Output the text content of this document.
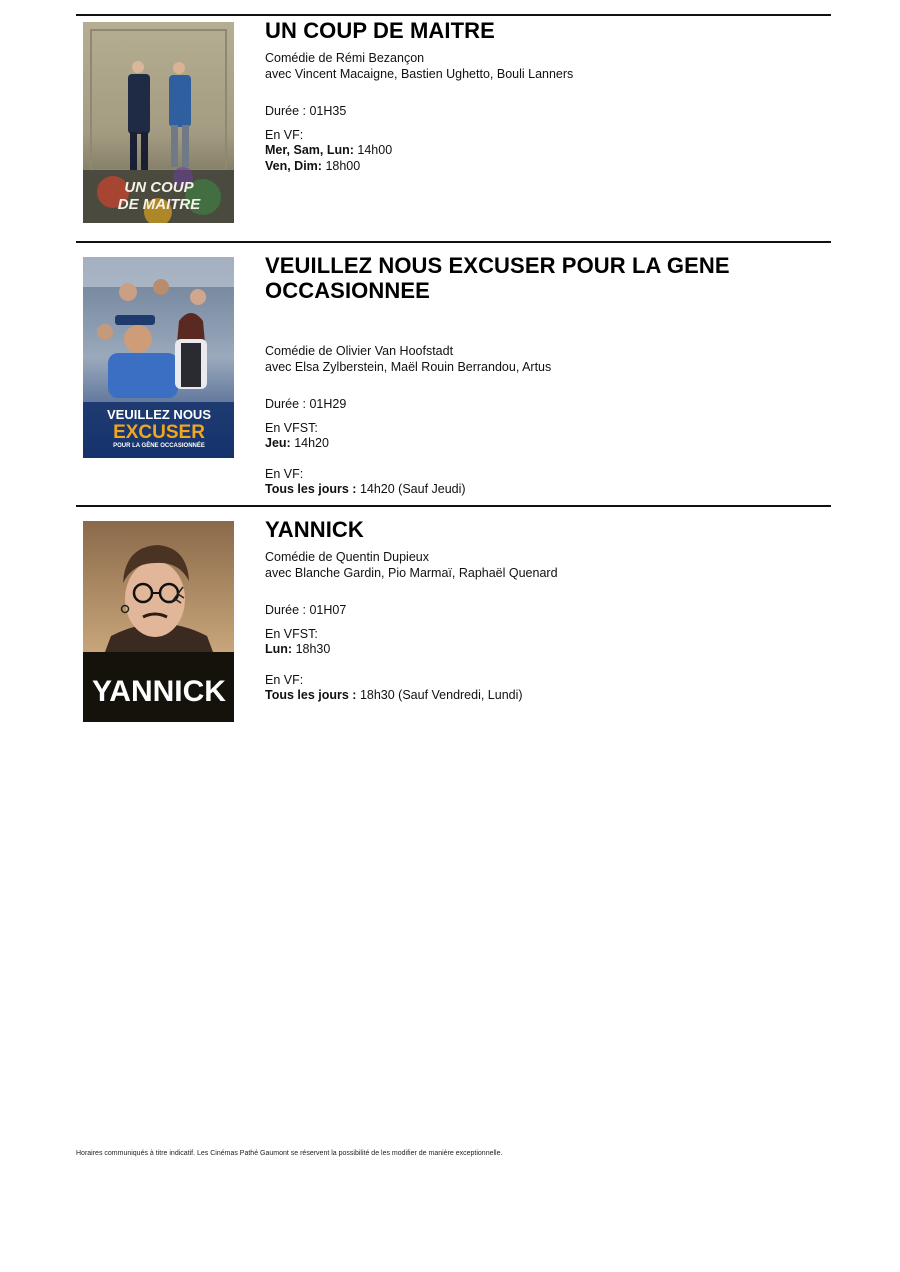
UN COUP
DE MAITRE
UN COUP DE MAITRE
Comédie de Rémi Bezançon
avec Vincent Macaigne, Bastien Ughetto, Bouli Lanners
Durée : 01H35
En VF:
Mer, Sam, Lun: 14h00
Ven, Dim: 18h00
VEUILLEZ NOUS
EXCUSER
POUR LA GÊNE OCCASIONNÉE
VEUILLEZ NOUS EXCUSER POUR LA GENE OCCASIONNEE
Comédie de Olivier Van Hoofstadt
avec Elsa Zylberstein, Maël Rouin Berrandou, Artus
Durée : 01H29
En VFST:
Jeu: 14h20
En VF:
Tous les jours : 14h20 (Sauf Jeudi)
YANNICK
YANNICK
Comédie de Quentin Dupieux
avec Blanche Gardin, Pio Marmaï, Raphaël Quenard
Durée : 01H07
En VFST:
Lun: 18h30
En VF:
Tous les jours : 18h30 (Sauf Vendredi, Lundi)
Horaires communiqués à titre indicatif. Les Cinémas Pathé Gaumont se réservent la possibilité de les modifier de manière exceptionnelle.
